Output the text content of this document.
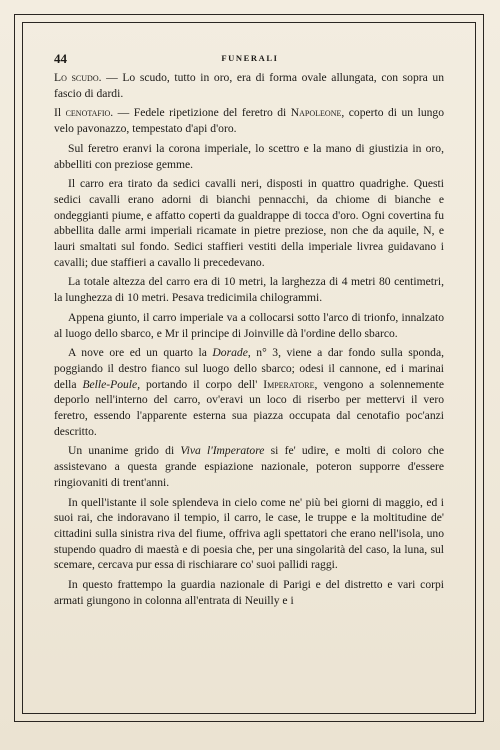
44	FUNERALI

Lo scudo. — Lo scudo, tutto in oro, era di forma ovale allungata, con sopra un fascio di dardi.

Il cenotafio. — Fedele ripetizione del feretro di Napoleone, coperto di un lungo velo pavonazzo, tempestato d'api d'oro.

Sul feretro eranvi la corona imperiale, lo scettro e la mano di giustizia in oro, abbelliti con preziose gemme.

Il carro era tirato da sedici cavalli neri, disposti in quattro quadrighe. Questi sedici cavalli erano adorni di bianchi pennacchi, da chiome di bianche e ondeggianti piume, e affatto coperti da gualdrappe di tocca d'oro. Ogni covertina fu abbellita dalle armi imperiali ricamate in pietre preziose, non che da aquile, N, e lauri smaltati sul fondo. Sedici staffieri vestiti della imperiale livrea guidavano i cavalli; due staffieri a cavallo li precedevano.

La totale altezza del carro era di 10 metri, la larghezza di 4 metri 80 centimetri, la lunghezza di 10 metri. Pesava tredicimila chilogrammi.

Appena giunto, il carro imperiale va a collocarsi sotto l'arco di trionfo, innalzato al luogo dello sbarco, e Mr il principe di Joinville dà l'ordine dello sbarco.

A nove ore ed un quarto la Dorade, n° 3, viene a dar fondo sulla sponda, poggiando il destro fianco sul luogo dello sbarco; odesi il cannone, ed i marinai della Belle-Poule, portando il corpo dell' Imperatore, vengono a solennemente deporlo nell'interno del carro, ov'eravi un loco di riserbo per mettervi il vero feretro, essendo l'apparente esterna sua piazza occupata dal cenotafio poc'anzi descritto.

Un unanime grido di Viva l'Imperatore si fe' udire, e molti di coloro che assistevano a questa grande espiazione nazionale, poteron supporre d'essere ringiovaniti di trent'anni.

In quell'istante il sole splendeva in cielo come ne' più bei giorni di maggio, ed i suoi rai, che indoravano il tempio, il carro, le case, le truppe e la moltitudine de' cittadini sulla sinistra riva del fiume, offriva agli spettatori che erano nell'isola, uno stupendo quadro di maestà e di poesia che, per una singolarità del caso, la luna, sul scemare, cercava pur essa di rischiarare co' suoi pallidi raggi.

In questo frattempo la guardia nazionale di Parigi e del distretto e vari corpi armati giungono in colonna all'entrata di Neuilly e i
